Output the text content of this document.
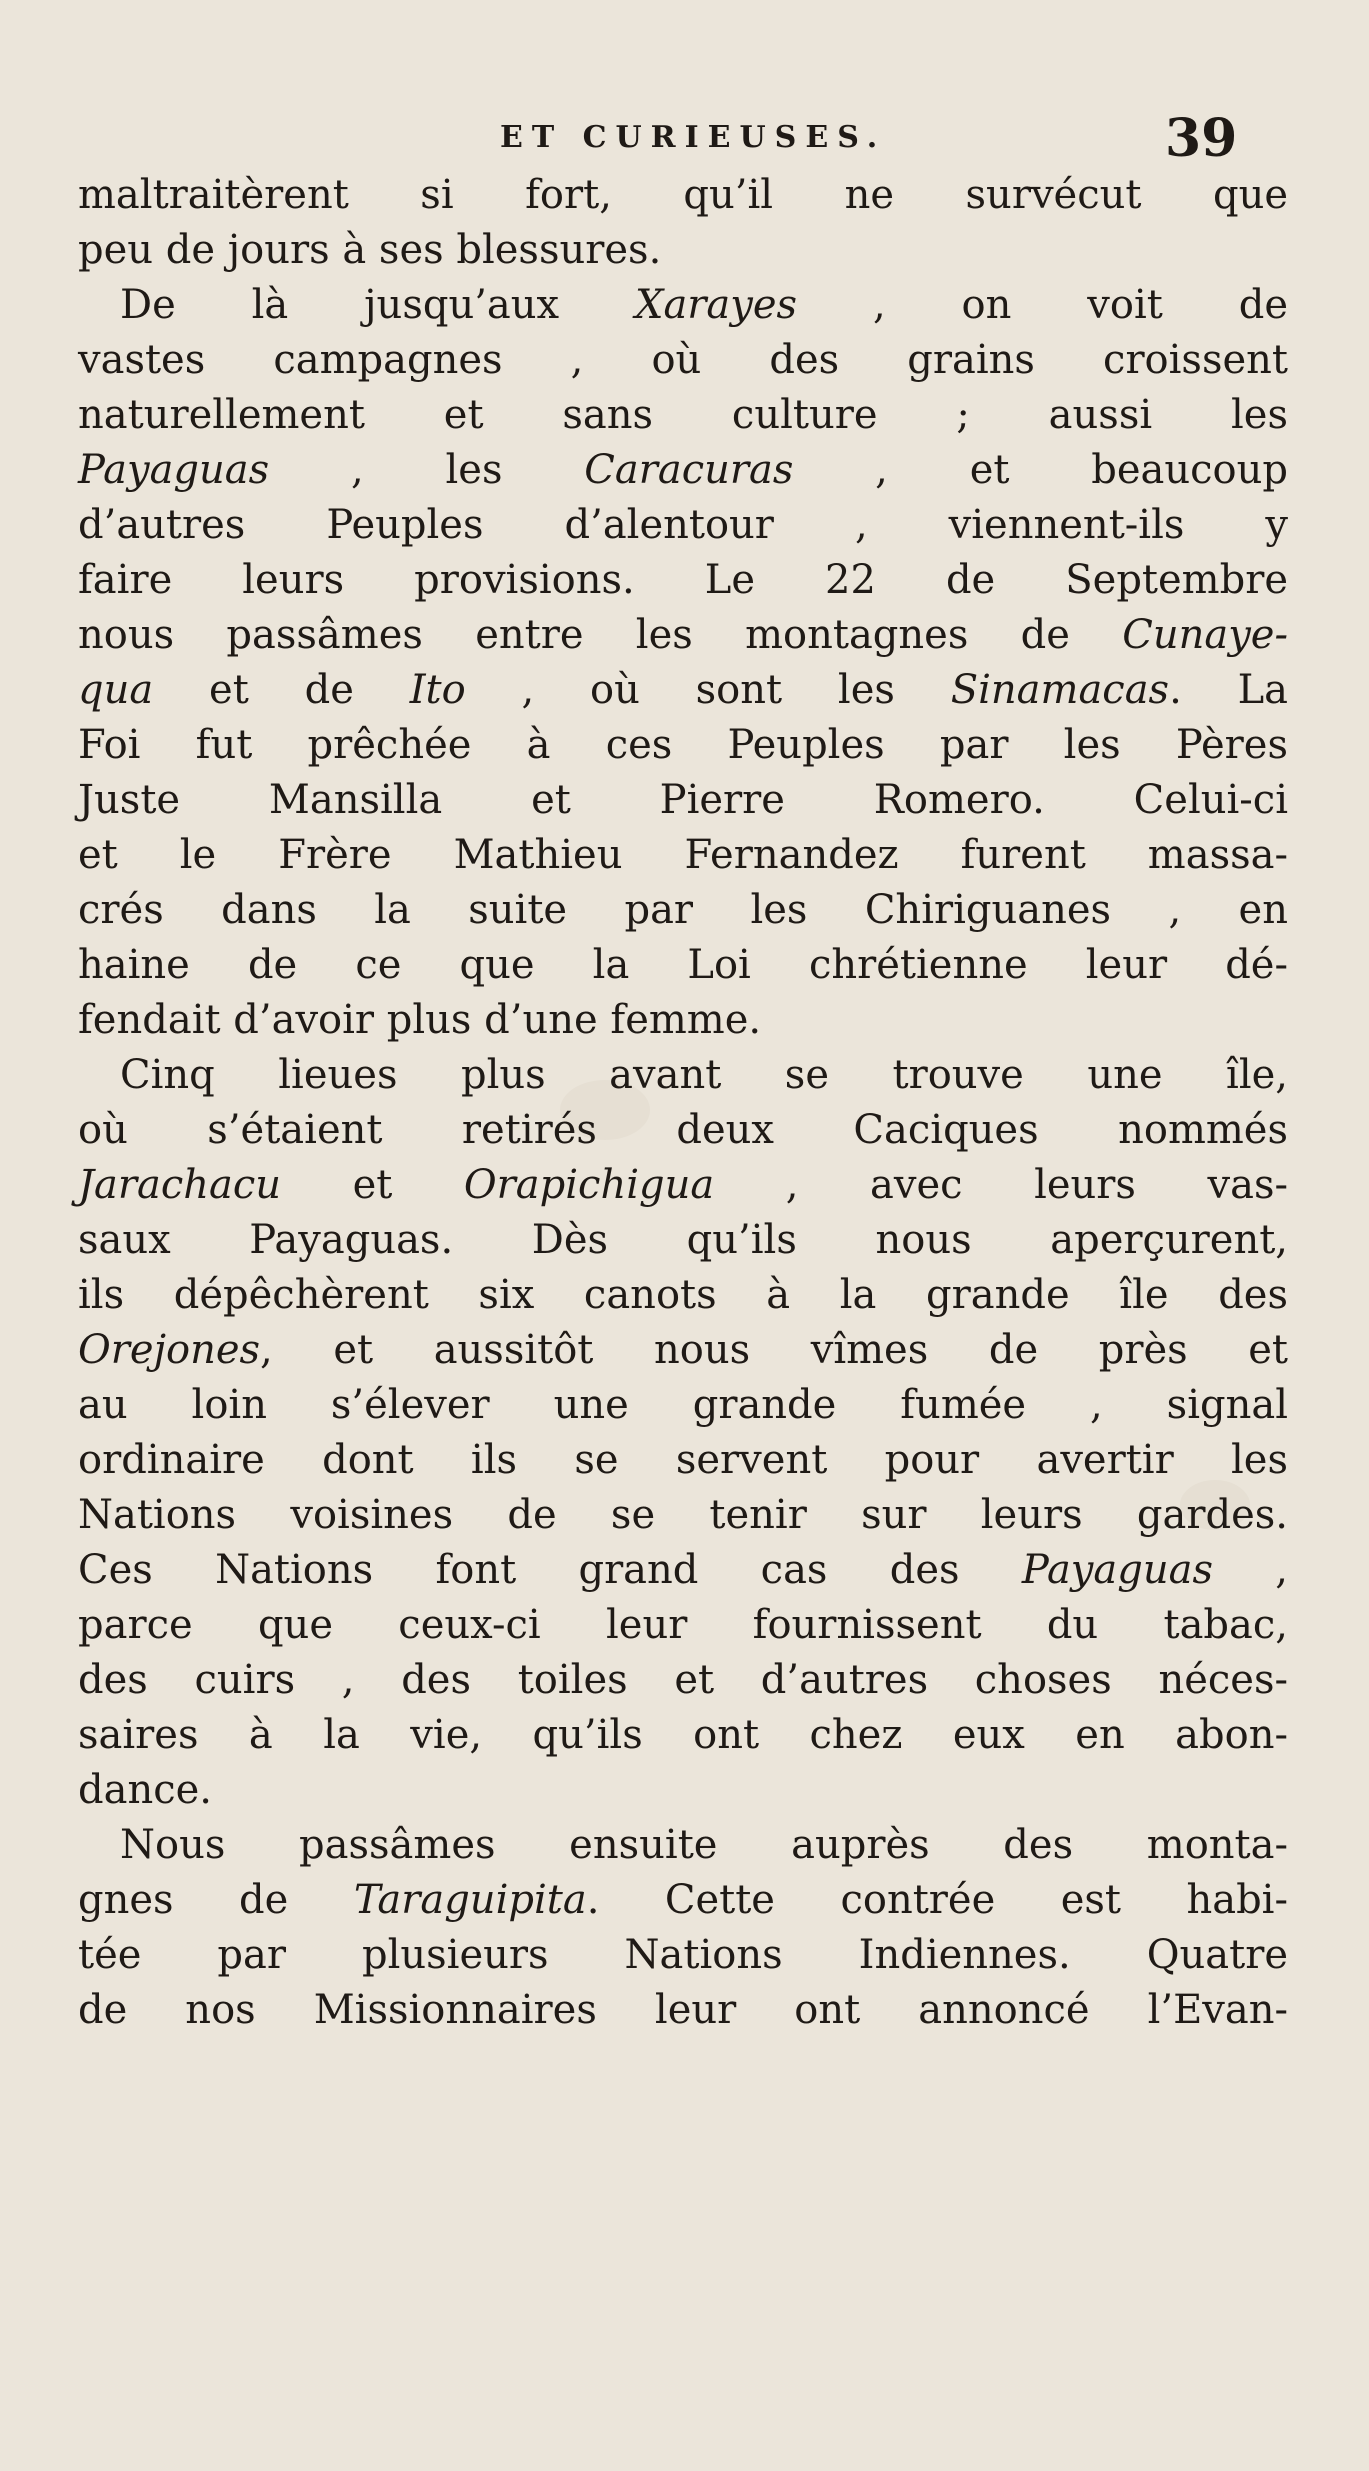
ET CURIEUSES.	39
maltraitèrent si fort, qu’il ne survécut que
peu de jours à ses blessures.
De là jusqu’aux Xarayes , on voit de
vastes campagnes , où des grains croissent
naturellement et sans culture ; aussi les
Payaguas , les Caracuras , et beaucoup
d’autres Peuples d’alentour , viennent-ils y
faire leurs provisions. Le 22 de Septembre
nous passâmes entre les montagnes de Cunaye-
qua et de Ito , où sont les Sinamacas. La
Foi fut prêchée à ces Peuples par les Pères
Juste Mansilla et Pierre Romero. Celui-ci
et le Frère Mathieu Fernandez furent massa-
crés dans la suite par les Chiriguanes , en
haine de ce que la Loi chrétienne leur dé-
fendait d’avoir plus d’une femme.
Cinq lieues plus avant se trouve une île,
où s’étaient retirés deux Caciques nommés
Jarachacu et Orapichigua , avec leurs vas-
saux Payaguas. Dès qu’ils nous aperçurent,
ils dépêchèrent six canots à la grande île des
Orejones, et aussitôt nous vîmes de près et
au loin s’élever une grande fumée , signal
ordinaire dont ils se servent pour avertir les
Nations voisines de se tenir sur leurs gardes.
Ces Nations font grand cas des Payaguas ,
parce que ceux-ci leur fournissent du tabac,
des cuirs , des toiles et d’autres choses néces-
saires à la vie, qu’ils ont chez eux en abon-
dance.
Nous passâmes ensuite auprès des monta-
gnes de Taraguipita. Cette contrée est habi-
tée par plusieurs Nations Indiennes. Quatre
de nos Missionnaires leur ont annoncé l’Evan-
